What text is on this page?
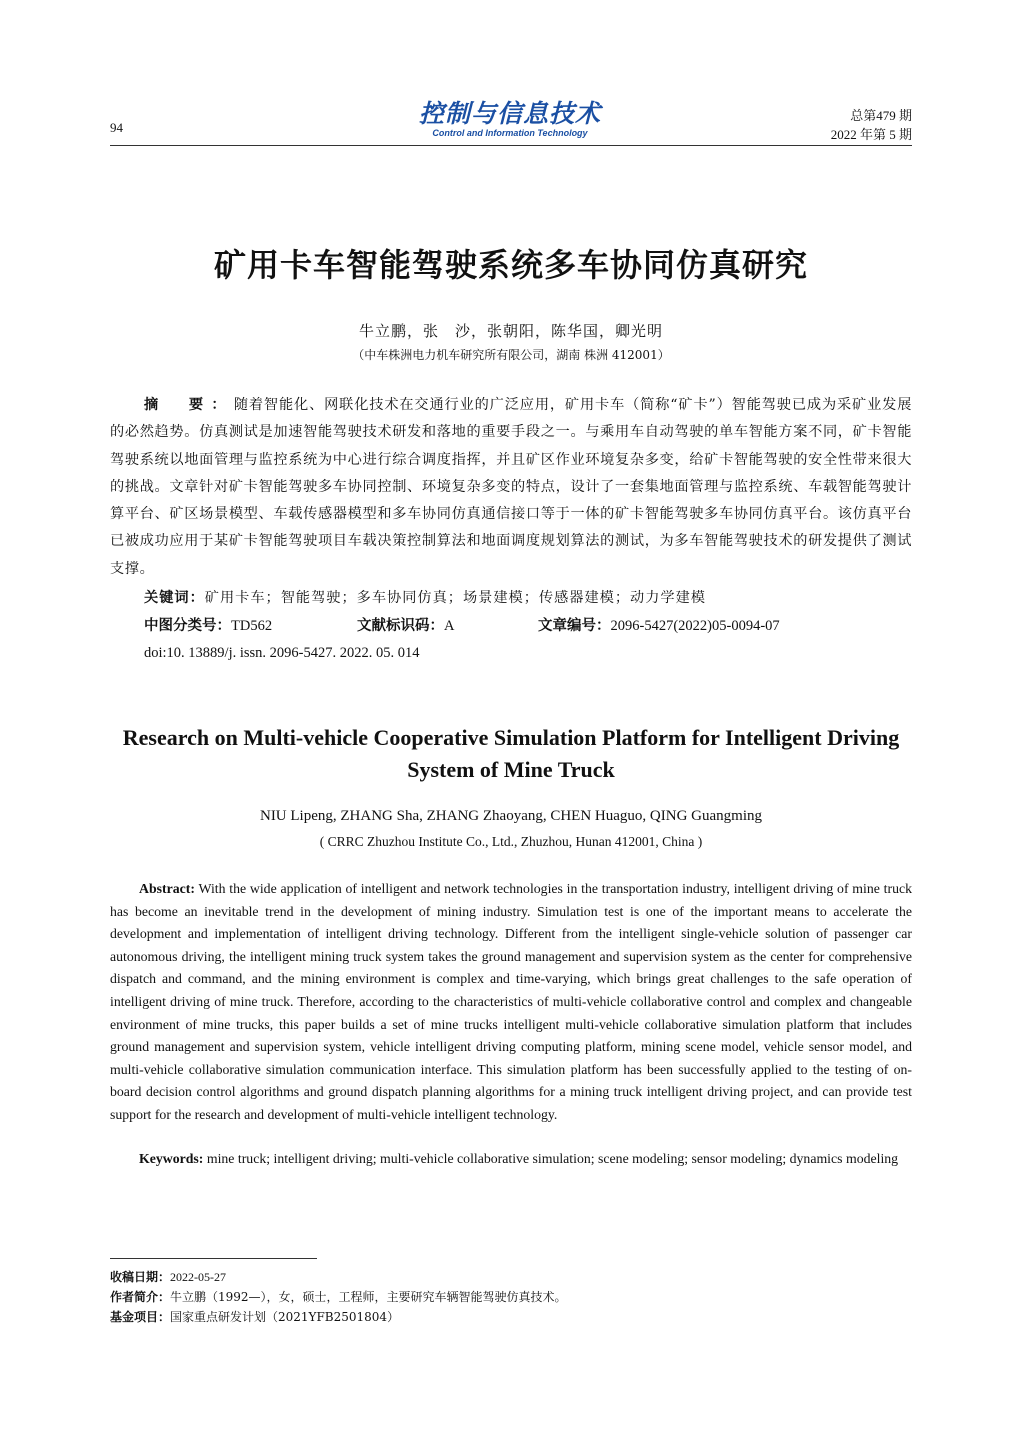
94	控制与信息技术
Control and Information Technology
总第479 期
2022 年第 5 期
矿用卡车智能驾驶系统多车协同仿真研究
牛立鹏，张　沙，张朝阳，陈华国，卿光明
（中车株洲电力机车研究所有限公司，湖南 株洲 412001）
摘　要：随着智能化、网联化技术在交通行业的广泛应用，矿用卡车（简称“矿卡”）智能驾驶已成为采矿业发展的必然趋势。仿真测试是加速智能驾驶技术研发和落地的重要手段之一。与乘用车自动驾驶的单车智能方案不同，矿卡智能驾驶系统以地面管理与监控系统为中心进行综合调度指挥，并且矿区作业环境复杂多变，给矿卡智能驾驶的安全性带来很大的挑战。文章针对矿卡智能驾驶多车协同控制、环境复杂多变的特点，设计了一套集地面管理与监控系统、车载智能驾驶计算平台、矿区场景模型、车载传感器模型和多车协同仿真通信接口等于一体的矿卡智能驾驶多车协同仿真平台。该仿真平台已被成功应用于某矿卡智能驾驶项目车载决策控制算法和地面调度规划算法的测试，为多车智能驾驶技术的研发提供了测试支撑。
关键词：矿用卡车；智能驾驶；多车协同仿真；场景建模；传感器建模；动力学建模
中图分类号：TD562	文献标识码：A	文章编号：2096-5427(2022)05-0094-07
doi:10. 13889/j. issn. 2096-5427. 2022. 05. 014
Research on Multi-vehicle Cooperative Simulation Platform for Intelligent Driving System of Mine Truck
NIU Lipeng, ZHANG Sha, ZHANG Zhaoyang, CHEN Huaguo, QING Guangming
( CRRC Zhuzhou Institute Co., Ltd., Zhuzhou, Hunan 412001, China )
Abstract: With the wide application of intelligent and network technologies in the transportation industry, intelligent driving of mine truck has become an inevitable trend in the development of mining industry. Simulation test is one of the important means to accelerate the development and implementation of intelligent driving technology. Different from the intelligent single-vehicle solution of passenger car autonomous driving, the intelligent mining truck system takes the ground management and supervision system as the center for comprehensive dispatch and command, and the mining environment is complex and time-varying, which brings great challenges to the safe operation of intelligent driving of mine truck. Therefore, according to the characteristics of multi-vehicle collaborative control and complex and changeable environment of mine trucks, this paper builds a set of mine trucks intelligent multi-vehicle collaborative simulation platform that includes ground management and supervision system, vehicle intelligent driving computing platform, mining scene model, vehicle sensor model, and multi-vehicle collaborative simulation communication interface. This simulation platform has been successfully applied to the testing of on-board decision control algorithms and ground dispatch planning algorithms for a mining truck intelligent driving project, and can provide test support for the research and development of multi-vehicle intelligent technology.
Keywords: mine truck; intelligent driving; multi-vehicle collaborative simulation; scene modeling; sensor modeling; dynamics modeling
收稿日期：2022-05-27
作者简介：牛立鹏（1992—），女，硕士，工程师，主要研究车辆智能驾驶仿真技术。
基金项目：国家重点研发计划（2021YFB2501804）
